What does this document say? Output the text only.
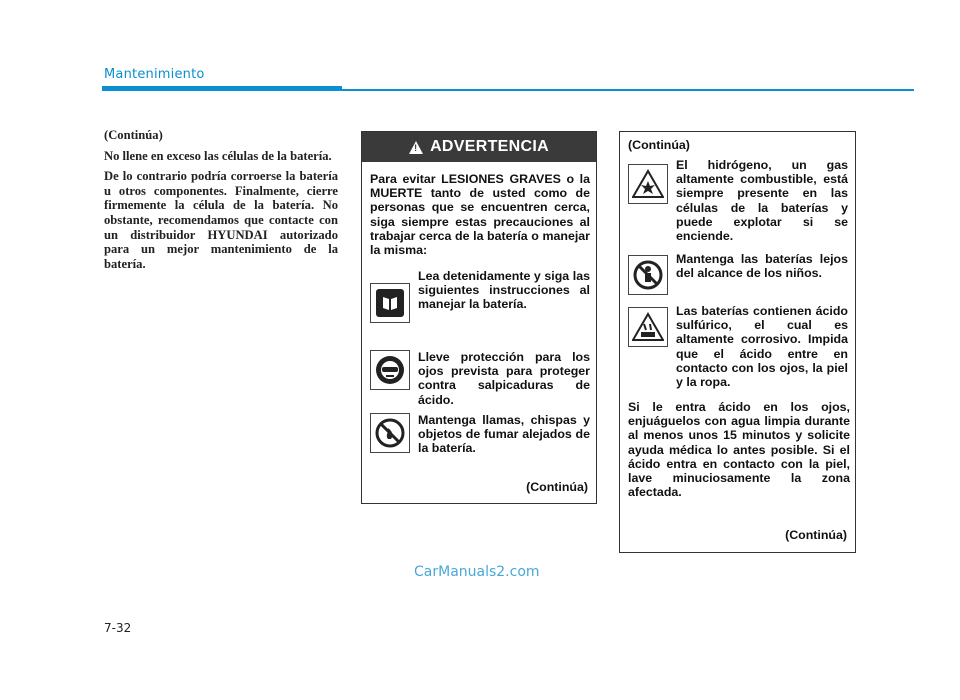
Mantenimiento

(Continúa)

No llene en exceso las células de la batería.

De lo contrario podría corroerse la batería u otros componentes. Finalmente, cierre firmemente la célula de la batería. No obstante, recomendamos que contacte con un distribuidor HYUNDAI autorizado para un mejor mantenimiento de la batería.

! ADVERTENCIA
Para evitar LESIONES GRAVES o la MUERTE tanto de usted como de personas que se encuentren cerca, siga siempre estas precauciones al trabajar cerca de la batería o manejar la misma:
Lea detenidamente y siga las siguientes instrucciones al manejar la batería.
Lleve protección para los ojos prevista para proteger contra salpicaduras de ácido.
Mantenga llamas, chispas y objetos de fumar alejados de la batería.
(Continúa)
(Continúa)
El hidrógeno, un gas altamente combustible, está siempre presente en las células de la baterías y puede explotar si se enciende.
Mantenga las baterías lejos del alcance de los niños.
Las baterías contienen ácido sulfúrico, el cual es altamente corrosivo. Impida que el ácido entre en contacto con los ojos, la piel y la ropa.
Si le entra ácido en los ojos, enjuáguelos con agua limpia durante al menos unos 15 minutos y solicite ayuda médica lo antes posible. Si el ácido entra en contacto con la piel, lave minuciosamente la zona afectada.
(Continúa)
CarManuals2.com
7-32
